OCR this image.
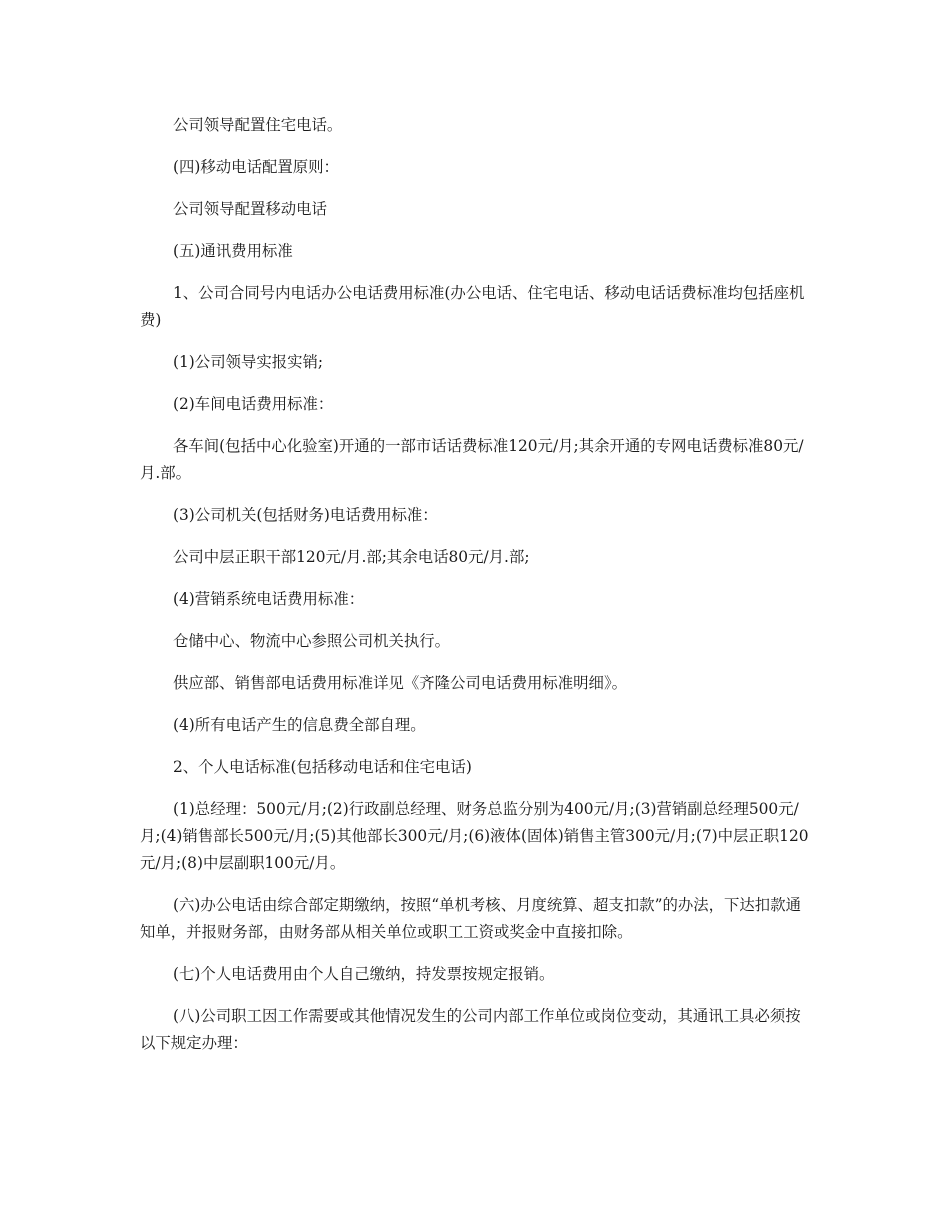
公司领导配置住宅电话。

(四)移动电话配置原则：

公司领导配置移动电话

(五)通讯费用标准

1、公司合同号内电话办公电话费用标准(办公电话、住宅电话、移动电话话费标准均包括座机费)

(1)公司领导实报实销;

(2)车间电话费用标准：

各车间(包括中心化验室)开通的一部市话话费标准120元/月;其余开通的专网电话费标准80元/月.部。

(3)公司机关(包括财务)电话费用标准：

公司中层正职干部120元/月.部;其余电话80元/月.部;

(4)营销系统电话费用标准：

仓储中心、物流中心参照公司机关执行。

供应部、销售部电话费用标准详见《齐隆公司电话费用标准明细》。

(4)所有电话产生的信息费全部自理。

2、个人电话标准(包括移动电话和住宅电话)

(1)总经理：500元/月;(2)行政副总经理、财务总监分别为400元/月;(3)营销副总经理500元/月;(4)销售部长500元/月;(5)其他部长300元/月;(6)液体(固体)销售主管300元/月;(7)中层正职120元/月;(8)中层副职100元/月。

(六)办公电话由综合部定期缴纳，按照“单机考核、月度统算、超支扣款”的办法，下达扣款通知单，并报财务部，由财务部从相关单位或职工工资或奖金中直接扣除。

(七)个人电话费用由个人自己缴纳，持发票按规定报销。

(八)公司职工因工作需要或其他情况发生的公司内部工作单位或岗位变动，其通讯工具必须按以下规定办理：
